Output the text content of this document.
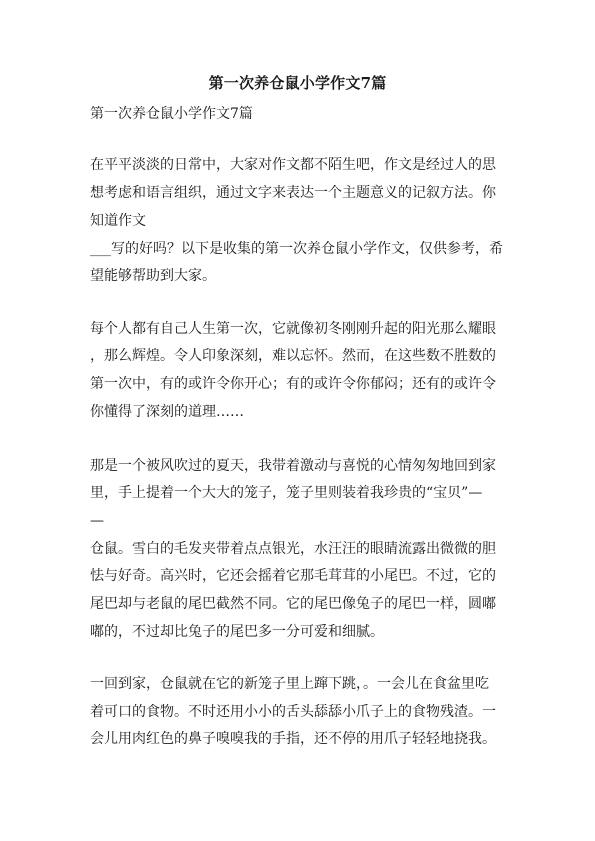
第一次养仓鼠小学作文7篇

第一次养仓鼠小学作文7篇

在平平淡淡的日常中，大家对作文都不陌生吧，作文是经过人的思

想考虑和语言组织，通过文字来表达一个主题意义的记叙方法。你

知道作文

___写的好吗？以下是收集的第一次养仓鼠小学作文，仅供参考，希

望能够帮助到大家。

每个人都有自己人生第一次，它就像初冬刚刚升起的阳光那么耀眼

，那么辉煌。令人印象深刻，难以忘怀。然而，在这些数不胜数的

第一次中，有的或许令你开心；有的或许令你郁闷；还有的或许令

你懂得了深刻的道理……

那是一个被风吹过的夏天，我带着激动与喜悦的心情匆匆地回到家

里，手上提着一个大大的笼子，笼子里则装着我珍贵的“宝贝”—

—

仓鼠。雪白的毛发夹带着点点银光，水汪汪的眼睛流露出微微的胆

怯与好奇。高兴时，它还会摇着它那毛茸茸的小尾巴。不过，它的

尾巴却与老鼠的尾巴截然不同。它的尾巴像兔子的尾巴一样，圆嘟

嘟的，不过却比兔子的尾巴多一分可爱和细腻。

一回到家，仓鼠就在它的新笼子里上蹿下跳，。一会儿在食盆里吃

着可口的食物。不时还用小小的舌头舔舔小爪子上的食物残渣。一

会儿用肉红色的鼻子嗅嗅我的手指，还不停的用爪子轻轻地挠我。
